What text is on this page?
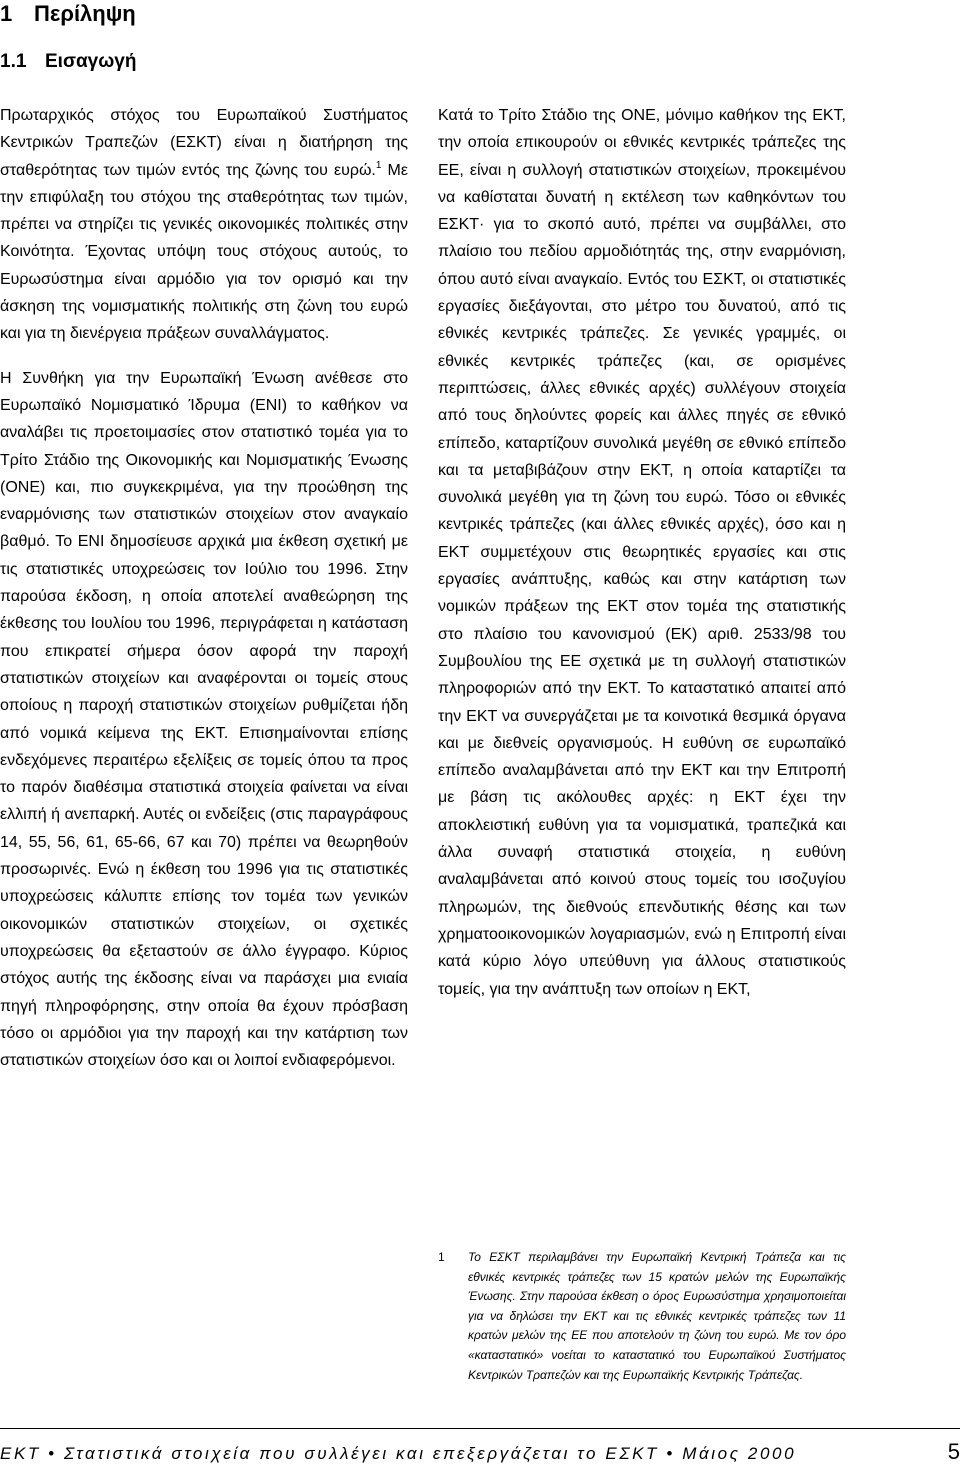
1 Περίληψη
1.1 Εισαγωγή

Πρωταρχικός στόχος του Ευρωπαϊκού Συστήματος Κεντρικών Τραπεζών (ΕΣΚΤ) είναι η διατήρηση της σταθερότητας των τιμών εντός της ζώνης του ευρώ.$^1$ Με την επιφύλαξη του στόχου της σταθερότητας των τιμών, πρέπει να στηρίζει τις γενικές οικονομικές πολιτικές στην Κοινότητα. Έχοντας υπόψη τους στόχους αυτούς, το Ευρωσύστημα είναι αρμόδιο για τον ορισμό και την άσκηση της νομισματικής πολιτικής στη ζώνη του ευρώ και για τη διενέργεια πράξεων συναλλάγματος.

Η Συνθήκη για την Ευρωπαϊκή Ένωση ανέθεσε στο Ευρωπαϊκό Νομισματικό Ίδρυμα (ΕΝΙ) το καθήκον να αναλάβει τις προετοιμασίες στον στατιστικό τομέα για το Τρίτο Στάδιο της Οικονομικής και Νομισματικής Ένωσης (ΟΝΕ) και, πιο συγκεκριμένα, για την προώθηση της εναρμόνισης των στατιστικών στοιχείων στον αναγκαίο βαθμό. Το ΕΝΙ δημοσίευσε αρχικά μια έκθεση σχετική με τις στατιστικές υποχρεώσεις τον Ιούλιο του 1996. Στην παρούσα έκδοση, η οποία αποτελεί αναθεώρηση της έκθεσης του Ιουλίου του 1996, περιγράφεται η κατάσταση που επικρατεί σήμερα όσον αφορά την παροχή στατιστικών στοιχείων και αναφέρονται οι τομείς στους οποίους η παροχή στατιστικών στοιχείων ρυθμίζεται ήδη από νομικά κείμενα της ΕΚΤ. Επισημαίνονται επίσης ενδεχόμενες περαιτέρω εξελίξεις σε τομείς όπου τα προς το παρόν διαθέσιμα στατιστικά στοιχεία φαίνεται να είναι ελλιπή ή ανεπαρκή. Αυτές οι ενδείξεις (στις παραγράφους 14, 55, 56, 61, 65-66, 67 και 70) πρέπει να θεωρηθούν προσωρινές. Ενώ η έκθεση του 1996 για τις στατιστικές υποχρεώσεις κάλυπτε επίσης τον τομέα των γενικών οικονομικών στατιστικών στοιχείων, οι σχετικές υποχρεώσεις θα εξεταστούν σε άλλο έγγραφο. Κύριος στόχος αυτής της έκδοσης είναι να παράσχει μια ενιαία πηγή πληροφόρησης, στην οποία θα έχουν πρόσβαση τόσο οι αρμόδιοι για την παροχή και την κατάρτιση των στατιστικών στοιχείων όσο και οι λοιποί ενδιαφερόμενοι.

Κατά το Τρίτο Στάδιο της ΟΝΕ, μόνιμο καθήκον της ΕΚΤ, την οποία επικουρούν οι εθνικές κεντρικές τράπεζες της ΕΕ, είναι η συλλογή στατιστικών στοιχείων, προκειμένου να καθίσταται δυνατή η εκτέλεση των καθηκόντων του ΕΣΚΤ· για το σκοπό αυτό, πρέπει να συμβάλλει, στο πλαίσιο του πεδίου αρμοδιότητάς της, στην εναρμόνιση, όπου αυτό είναι αναγκαίο. Εντός του ΕΣΚΤ, οι στατιστικές εργασίες διεξάγονται, στο μέτρο του δυνατού, από τις εθνικές κεντρικές τράπεζες. Σε γενικές γραμμές, οι εθνικές κεντρικές τράπεζες (και, σε ορισμένες περιπτώσεις, άλλες εθνικές αρχές) συλλέγουν στοιχεία από τους δηλούντες φορείς και άλλες πηγές σε εθνικό επίπεδο, καταρτίζουν συνολικά μεγέθη σε εθνικό επίπεδο και τα μεταβιβάζουν στην ΕΚΤ, η οποία καταρτίζει τα συνολικά μεγέθη για τη ζώνη του ευρώ. Τόσο οι εθνικές κεντρικές τράπεζες (και άλλες εθνικές αρχές), όσο και η ΕΚΤ συμμετέχουν στις θεωρητικές εργασίες και στις εργασίες ανάπτυξης, καθώς και στην κατάρτιση των νομικών πράξεων της ΕΚΤ στον τομέα της στατιστικής στο πλαίσιο του κανονισμού (ΕΚ) αριθ. 2533/98 του Συμβουλίου της ΕΕ σχετικά με τη συλλογή στατιστικών πληροφοριών από την ΕΚΤ. Το καταστατικό απαιτεί από την ΕΚΤ να συνεργάζεται με τα κοινοτικά θεσμικά όργανα και με διεθνείς οργανισμούς. Η ευθύνη σε ευρωπαϊκό επίπεδο αναλαμβάνεται από την ΕΚΤ και την Επιτροπή με βάση τις ακόλουθες αρχές: η ΕΚΤ έχει την αποκλειστική ευθύνη για τα νομισματικά, τραπεζικά και άλλα συναφή στατιστικά στοιχεία, η ευθύνη αναλαμβάνεται από κοινού στους τομείς του ισοζυγίου πληρωμών, της διεθνούς επενδυτικής θέσης και των χρηματοοικονομικών λογαριασμών, ενώ η Επιτροπή είναι κατά κύριο λόγο υπεύθυνη για άλλους στατιστικούς τομείς, για την ανάπτυξη των οποίων η ΕΚΤ,

1	Το ΕΣΚΤ περιλαμβάνει την Ευρωπαϊκή Κεντρική Τράπεζα και τις εθνικές κεντρικές τράπεζες των 15 κρατών μελών της Ευρωπαϊκής Ένωσης. Στην παρούσα έκθεση ο όρος Ευρωσύστημα χρησιμοποιείται για να δηλώσει την ΕΚΤ και τις εθνικές κεντρικές τράπεζες των 11 κρατών μελών της ΕΕ που αποτελούν τη ζώνη του ευρώ. Με τον όρο «καταστατικό» νοείται το καταστατικό του Ευρωπαϊκού Συστήματος Κεντρικών Τραπεζών και της Ευρωπαϊκής Κεντρικής Τράπεζας.
ΕΚΤ • Στατιστικά στοιχεία που συλλέγει και επεξεργάζεται το ΕΣΚΤ • Μάιος 2000	5
